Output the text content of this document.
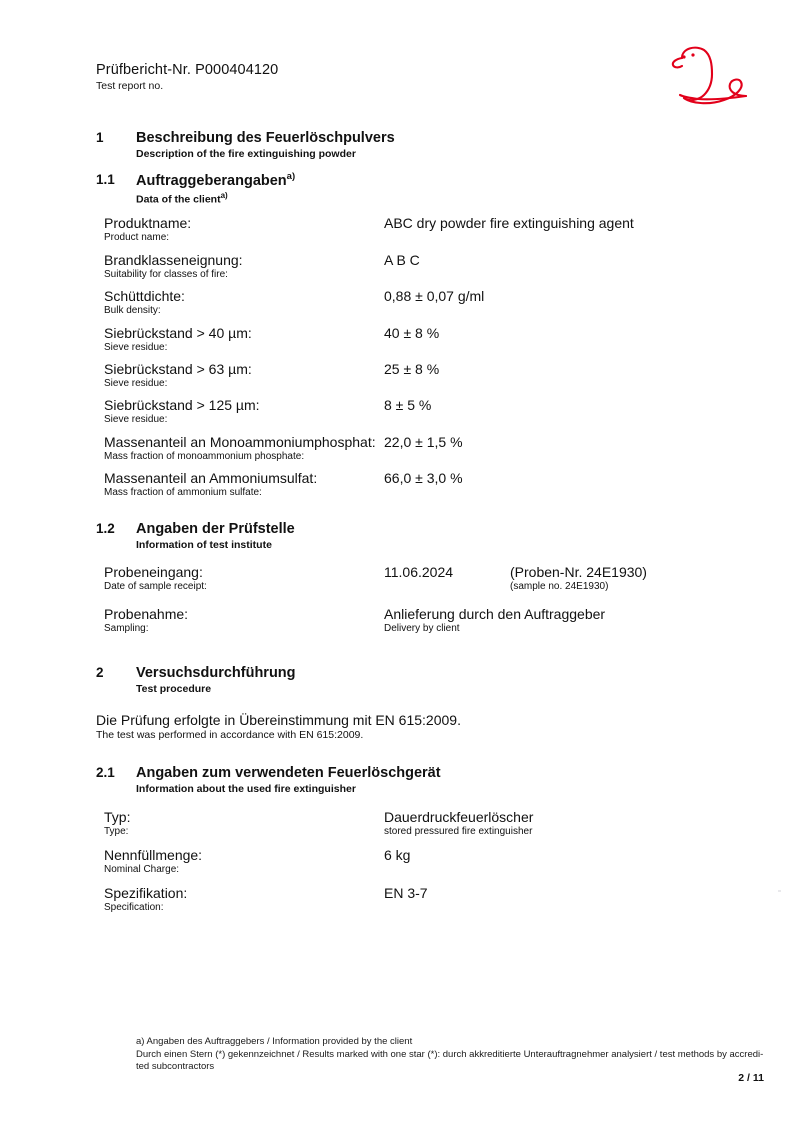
Prüfbericht-Nr. P000404120
Test report no.
1	Beschreibung des Feuerlöschpulvers
Description of the fire extinguishing powder
1.1	Auftraggeberangaben$^{a)}$
Data of the client$^{a)}$
Produktname:
Product name:
ABC dry powder fire extinguishing agent
Brandklasseneignung:
Suitability for classes of fire:
A B C
Schüttdichte:
Bulk density:
0,88 ± 0,07 g/ml
Siebrückstand > 40 µm:
Sieve residue:
40 ± 8 %
Siebrückstand > 63 µm:
Sieve residue:
25 ± 8 %
Siebrückstand > 125 µm:
Sieve residue:
8 ± 5 %
Massenanteil an Monoammoniumphosphat:
Mass fraction of monoammonium phosphate:
22,0 ± 1,5 %
Massenanteil an Ammoniumsulfat:
Mass fraction of ammonium sulfate:
66,0 ± 3,0 %
1.2	Angaben der Prüfstelle
Information of test institute
Probeneingang:
Date of sample receipt:
11.06.2024	(Proben-Nr. 24E1930)
(sample no. 24E1930)
Probenahme:
Sampling:
Anlieferung durch den Auftraggeber
Delivery by client
2	Versuchsdurchführung
Test procedure
Die Prüfung erfolgte in Übereinstimmung mit EN 615:2009.
The test was performed in accordance with EN 615:2009.
2.1	Angaben zum verwendeten Feuerlöschgerät
Information about the used fire extinguisher
Typ:
Type:
Dauerdruckfeuerlöscher
stored pressured fire extinguisher
Nennfüllmenge:
Nominal Charge:
6 kg
Spezifikation:
Specification:
EN 3-7
a) Angaben des Auftraggebers / Information provided by the client
Durch einen Stern (*) gekennzeichnet / Results marked with one star (*): durch akkreditierte Unterauftragnehmer analysiert / test methods by accredi-
ted subcontractors
2 / 11
